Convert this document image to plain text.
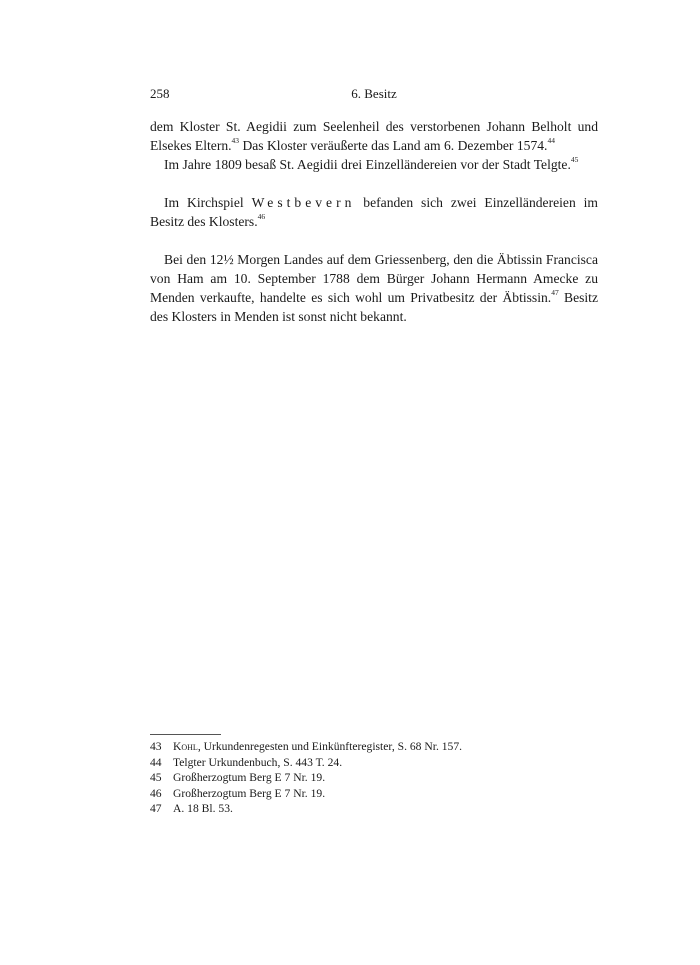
258	6. Besitz

dem Kloster St. Aegidii zum Seelenheil des verstorbenen Johann Belholt und Elsekes Eltern.$^{43}$ Das Kloster veräußerte das Land am 6. Dezember 1574.44

Im Jahre 1809 besaß St. Aegidii drei Einzelländereien vor der Stadt Telgte.$^{45}$

Im Kirchspiel Westbevern befanden sich zwei Einzelländereien im Besitz des Klosters.$^{46}$

Bei den 12½ Morgen Landes auf dem Griessenberg, den die Äbtissin Francisca von Ham am 10. September 1788 dem Bürger Johann Hermann Amecke zu Menden verkaufte, handelte es sich wohl um Privatbesitz der Äbtissin.$^{47}$ Besitz des Klosters in Menden ist sonst nicht bekannt.

43 Kohl, Urkundenregesten und Einkünfteregister, S. 68 Nr. 157.
44 Telgter Urkundenbuch, S. 443 T. 24.
45 Großherzogtum Berg E 7 Nr. 19.
46 Großherzogtum Berg E 7 Nr. 19.
47 A. 18 Bl. 53.
